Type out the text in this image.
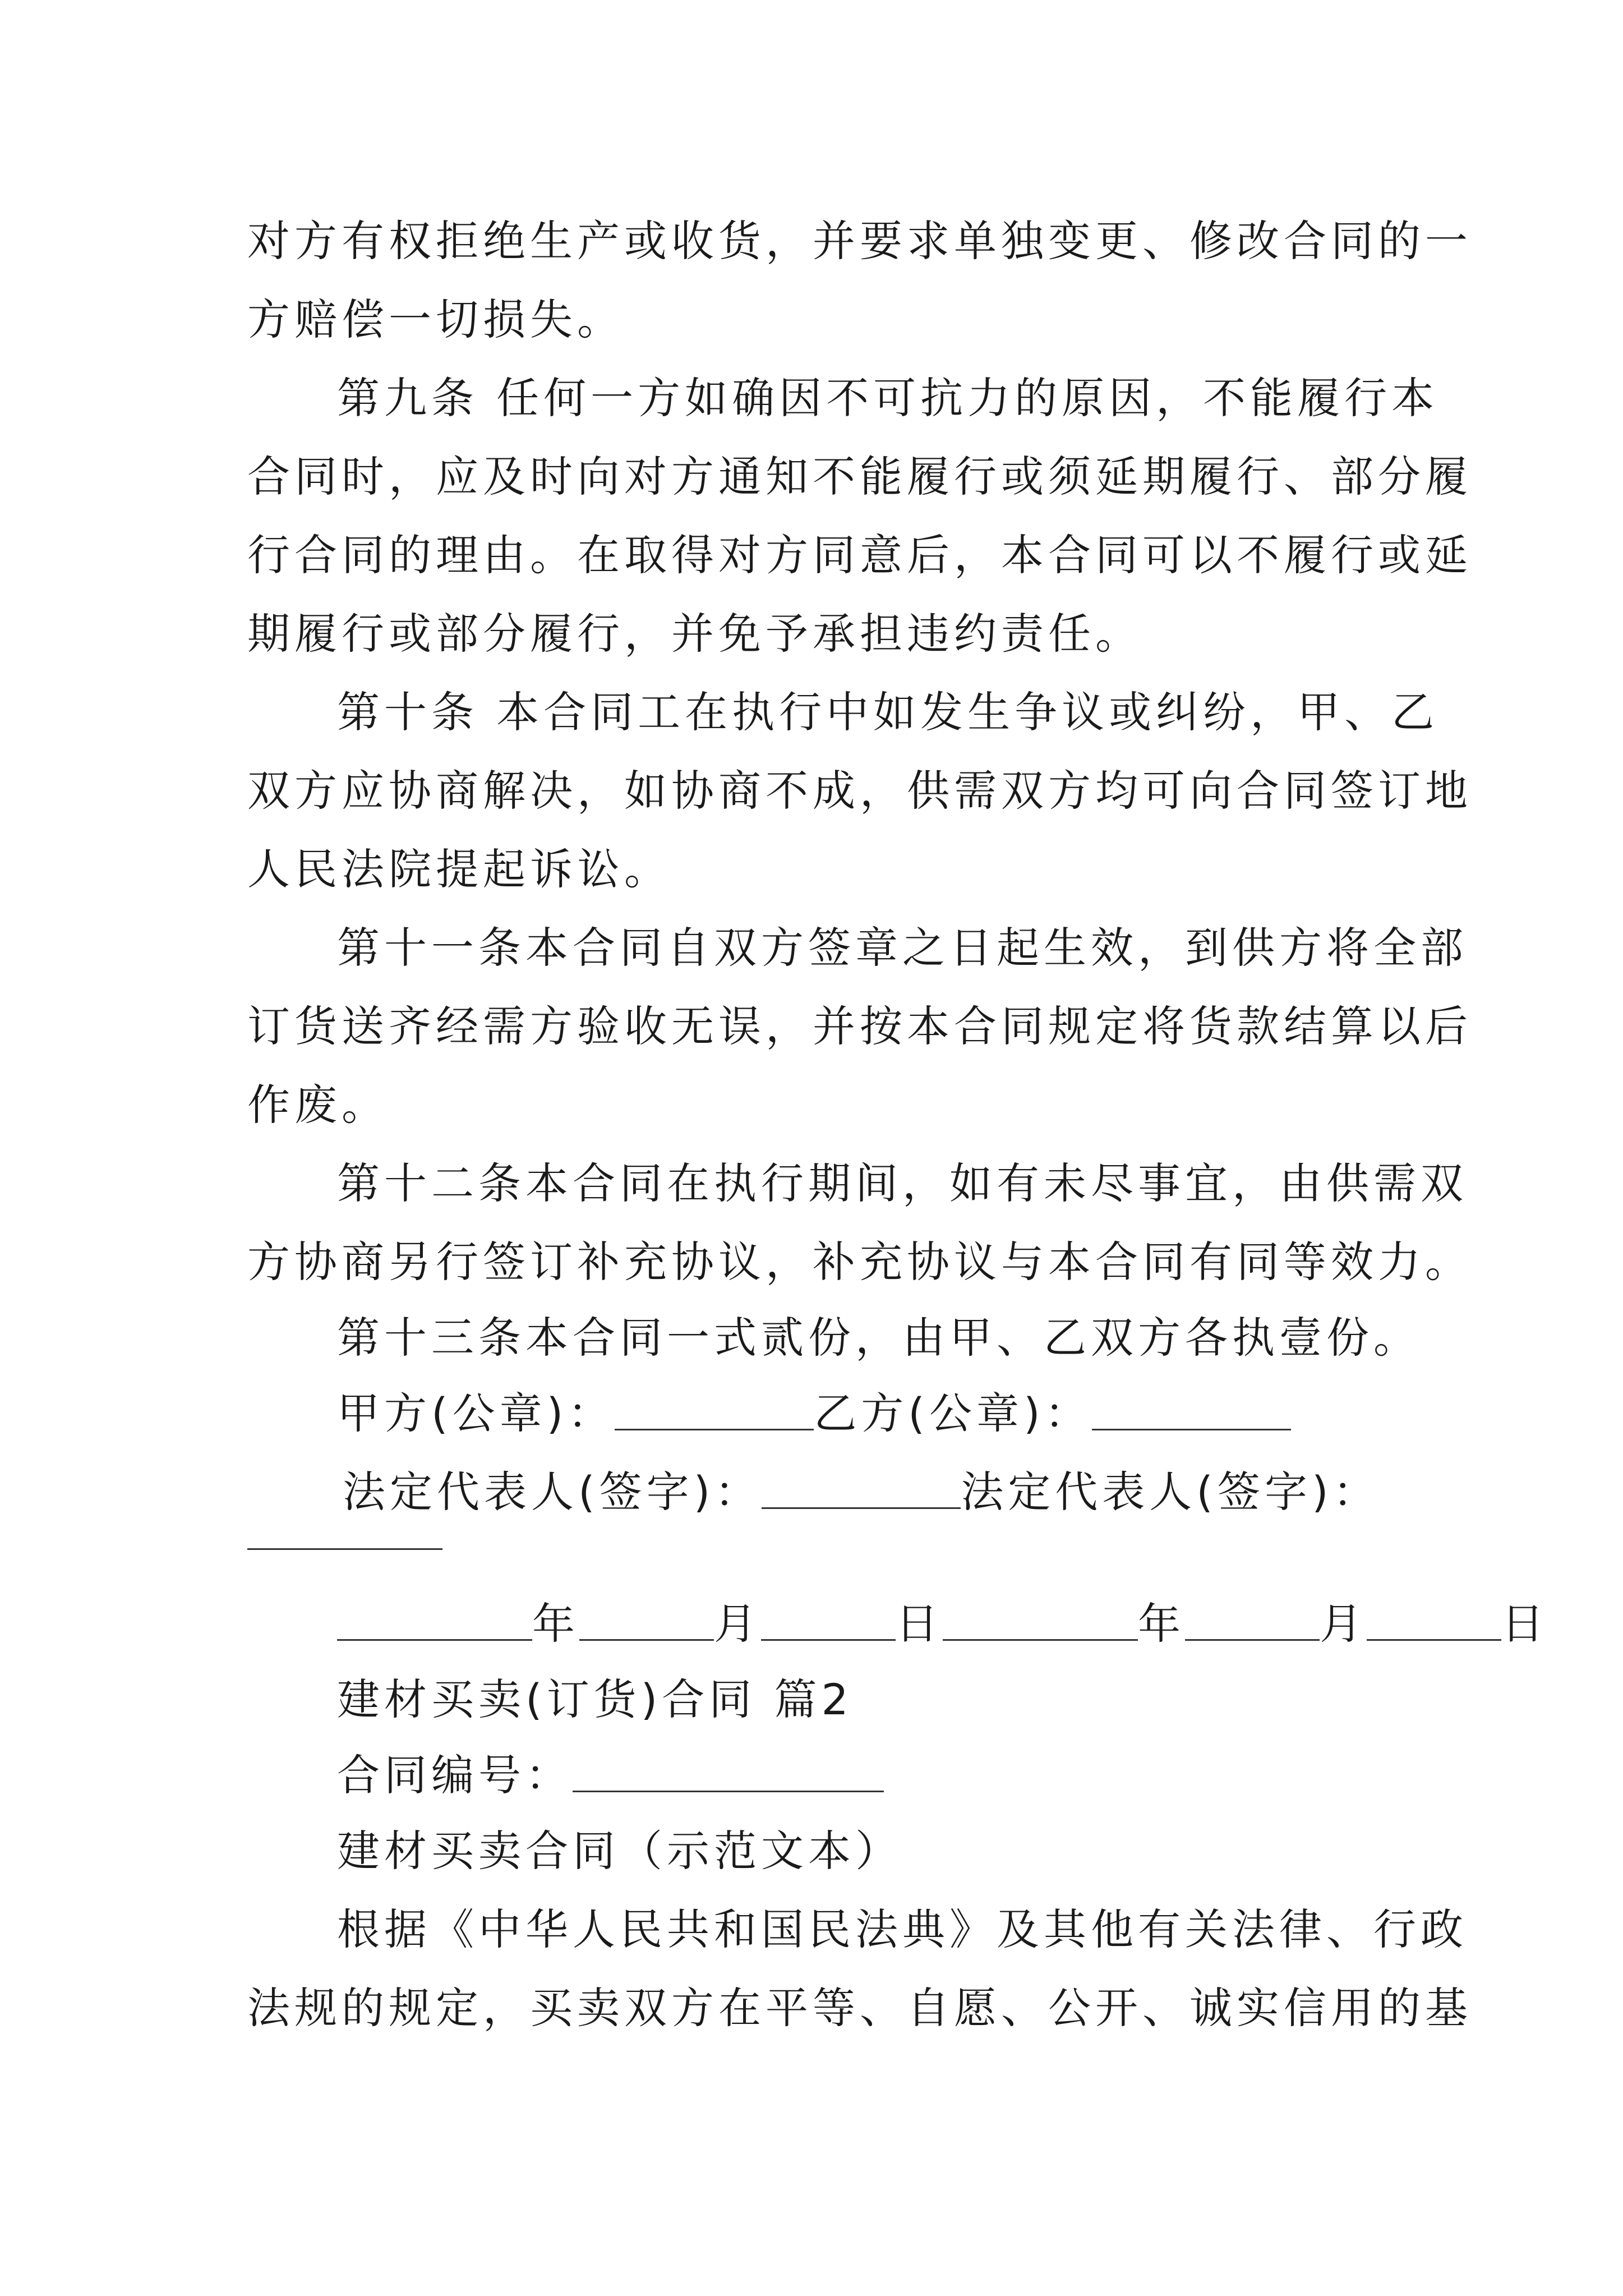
对方有权拒绝生产或收货，并要求单独变更、修改合同的一

方赔偿一切损失。

第九条 任何一方如确因不可抗力的原因，不能履行本

合同时，应及时向对方通知不能履行或须延期履行、部分履

行合同的理由。在取得对方同意后，本合同可以不履行或延

期履行或部分履行，并免予承担违约责任。

第十条 本合同工在执行中如发生争议或纠纷，甲、乙

双方应协商解决，如协商不成，供需双方均可向合同签订地

人民法院提起诉讼。

第十一条本合同自双方签章之日起生效，到供方将全部

订货送齐经需方验收无误，并按本合同规定将货款结算以后

作废。

第十二条本合同在执行期间，如有未尽事宜，由供需双

方协商另行签订补充协议，补充协议与本合同有同等效力。

第十三条本合同一式贰份，由甲、乙双方各执壹份。

甲方(公章)：	乙方(公章)：

法定代表人(签字)：	法定代表人(签字)：

年	月	日	年	月	日

建材买卖(订货)合同 篇2

合同编号：

建材买卖合同（示范文本）

根据《中华人民共和国民法典》及其他有关法律、行政

法规的规定，买卖双方在平等、自愿、公开、诚实信用的基
